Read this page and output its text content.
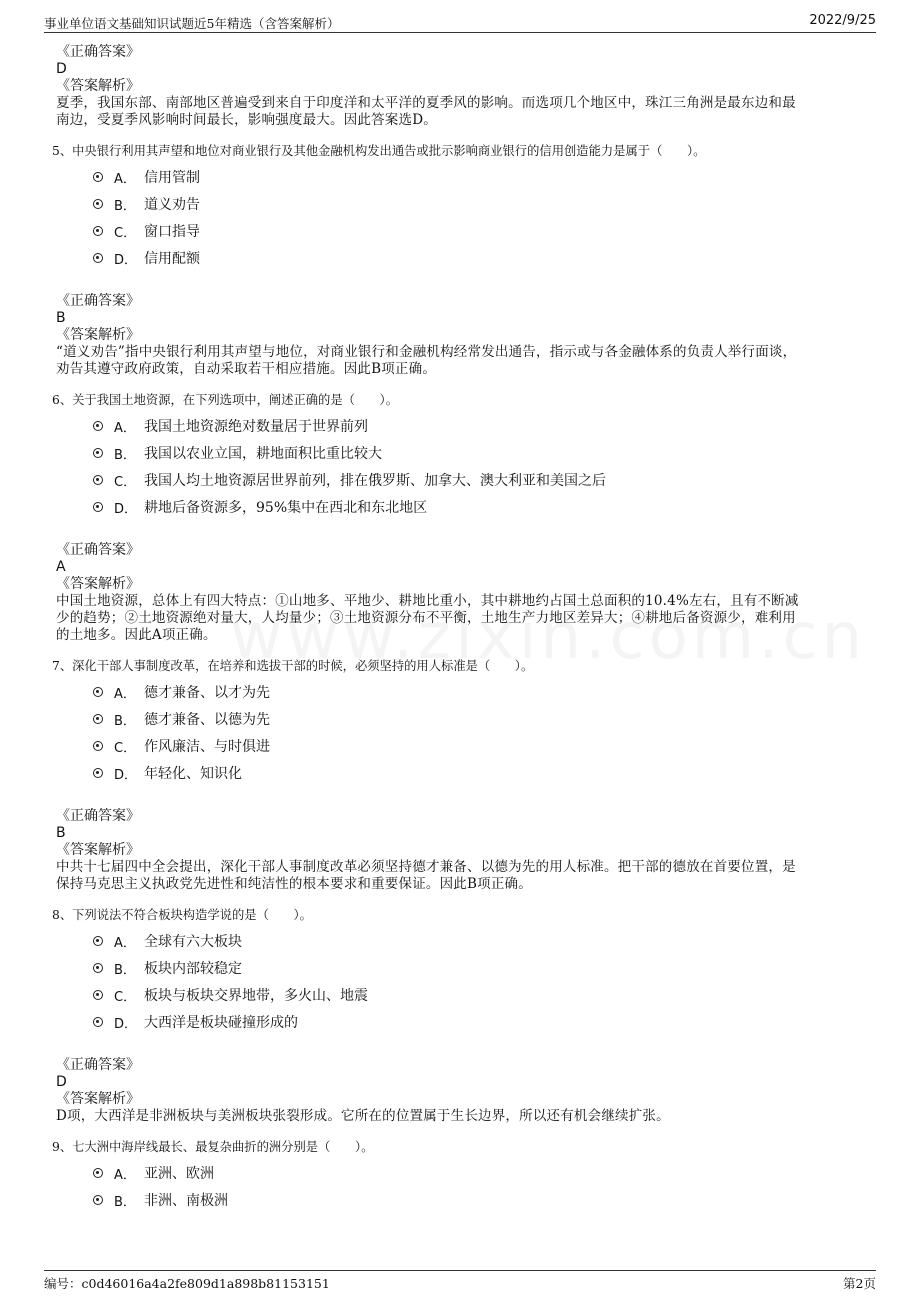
事业单位语文基础知识试题近5年精选（含答案解析）	2022/9/25
《正确答案》
D
《答案解析》
夏季，我国东部、南部地区普遍受到来自于印度洋和太平洋的夏季风的影响。而选项几个地区中，珠江三角洲是最东边和最
南边，受夏季风影响时间最长，影响强度最大。因此答案选D。
5、中央银行利用其声望和地位对商业银行及其他金融机构发出通告或批示影响商业银行的信用创造能力是属于（　　）。
A． 信用管制
B． 道义劝告
C． 窗口指导
D． 信用配额
《正确答案》
B
《答案解析》
“道义劝告”指中央银行利用其声望与地位，对商业银行和金融机构经常发出通告，指示或与各金融体系的负责人举行面谈，
劝告其遵守政府政策，自动采取若干相应措施。因此B项正确。
6、关于我国土地资源，在下列选项中，阐述正确的是（　　）。
A． 我国土地资源绝对数量居于世界前列
B． 我国以农业立国，耕地面积比重比较大
C． 我国人均土地资源居世界前列，排在俄罗斯、加拿大、澳大利亚和美国之后
D． 耕地后备资源多，95%集中在西北和东北地区
《正确答案》
A
《答案解析》
中国土地资源，总体上有四大特点：①山地多、平地少、耕地比重小，其中耕地约占国土总面积的10.4%左右，且有不断减
少的趋势；②土地资源绝对量大，人均量少；③土地资源分布不平衡，土地生产力地区差异大；④耕地后备资源少，难利用
的土地多。因此A项正确。
7、深化干部人事制度改革，在培养和选拔干部的时候，必须坚持的用人标准是（　　）。
A． 德才兼备、以才为先
B． 德才兼备、以德为先
C． 作风廉洁、与时俱进
D． 年轻化、知识化
《正确答案》
B
《答案解析》
中共十七届四中全会提出，深化干部人事制度改革必须坚持德才兼备、以德为先的用人标准。把干部的德放在首要位置，是
保持马克思主义执政党先进性和纯洁性的根本要求和重要保证。因此B项正确。
8、下列说法不符合板块构造学说的是（　　）。
A． 全球有六大板块
B． 板块内部较稳定
C． 板块与板块交界地带，多火山、地震
D． 大西洋是板块碰撞形成的
《正确答案》
D
《答案解析》
D项，大西洋是非洲板块与美洲板块张裂形成。它所在的位置属于生长边界，所以还有机会继续扩张。
9、七大洲中海岸线最长、最复杂曲折的洲分别是（　　）。
A． 亚洲、欧洲
B． 非洲、南极洲
编号：c0d46016a4a2fe809d1a898b81153151	第2页
